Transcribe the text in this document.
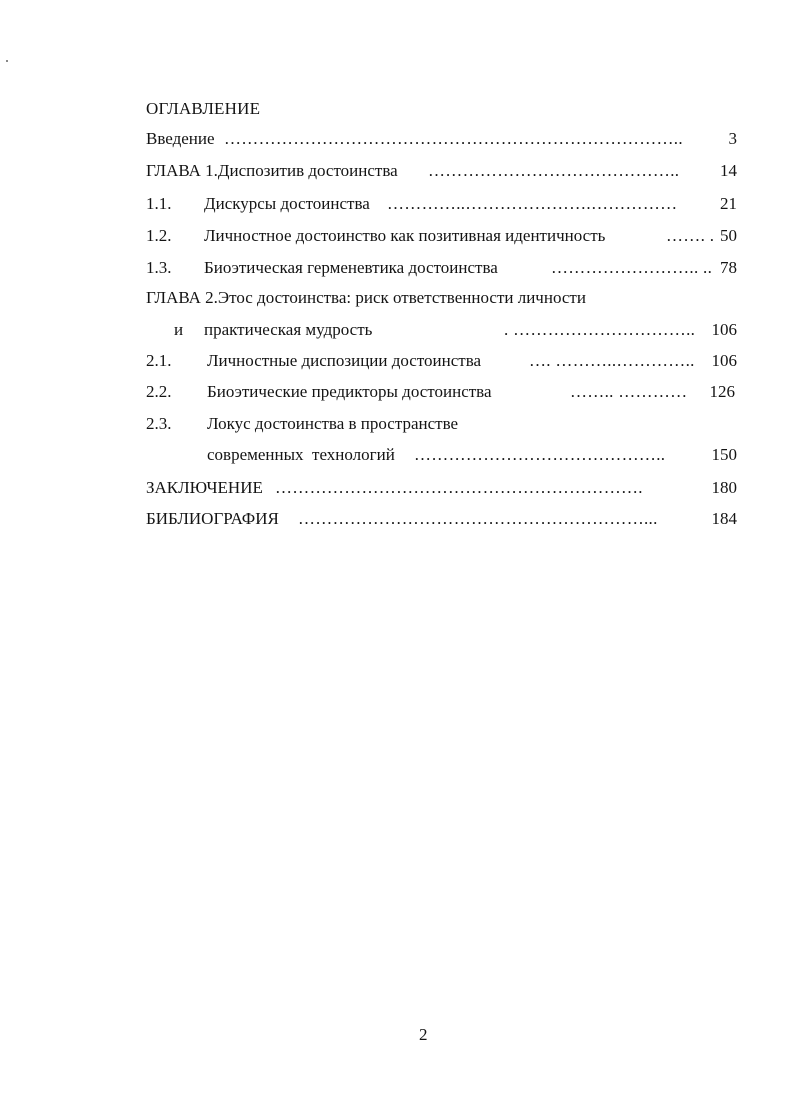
ОГЛАВЛЕНИЕ
Введение ……………………………………………………………………..	3
ГЛАВА 1.Диспозитив достоинства ……………………………………..	14
1.1. Дискурсы достоинства …………..………………….……………	21
1.2. Личностное достоинство как позитивная идентичность	……. . 50
1.3. Биоэтическая герменевтика достоинства	…………………….. .. 78
ГЛАВА 2.Этос достоинства: риск ответственности личности
и практическая мудрость	. ………………………….. 106
2.1. Личностные диспозиции достоинства	…. ………..………….. 106
2.2. Биоэтические предикторы достоинства	…….. …………	126
2.3. Локус достоинства в пространстве
современных  технологий ……………………………………..	150
ЗАКЛЮЧЕНИЕ ……………………………………………………….	180
БИБЛИОГРАФИЯ ……………………………………………………...	184
2
